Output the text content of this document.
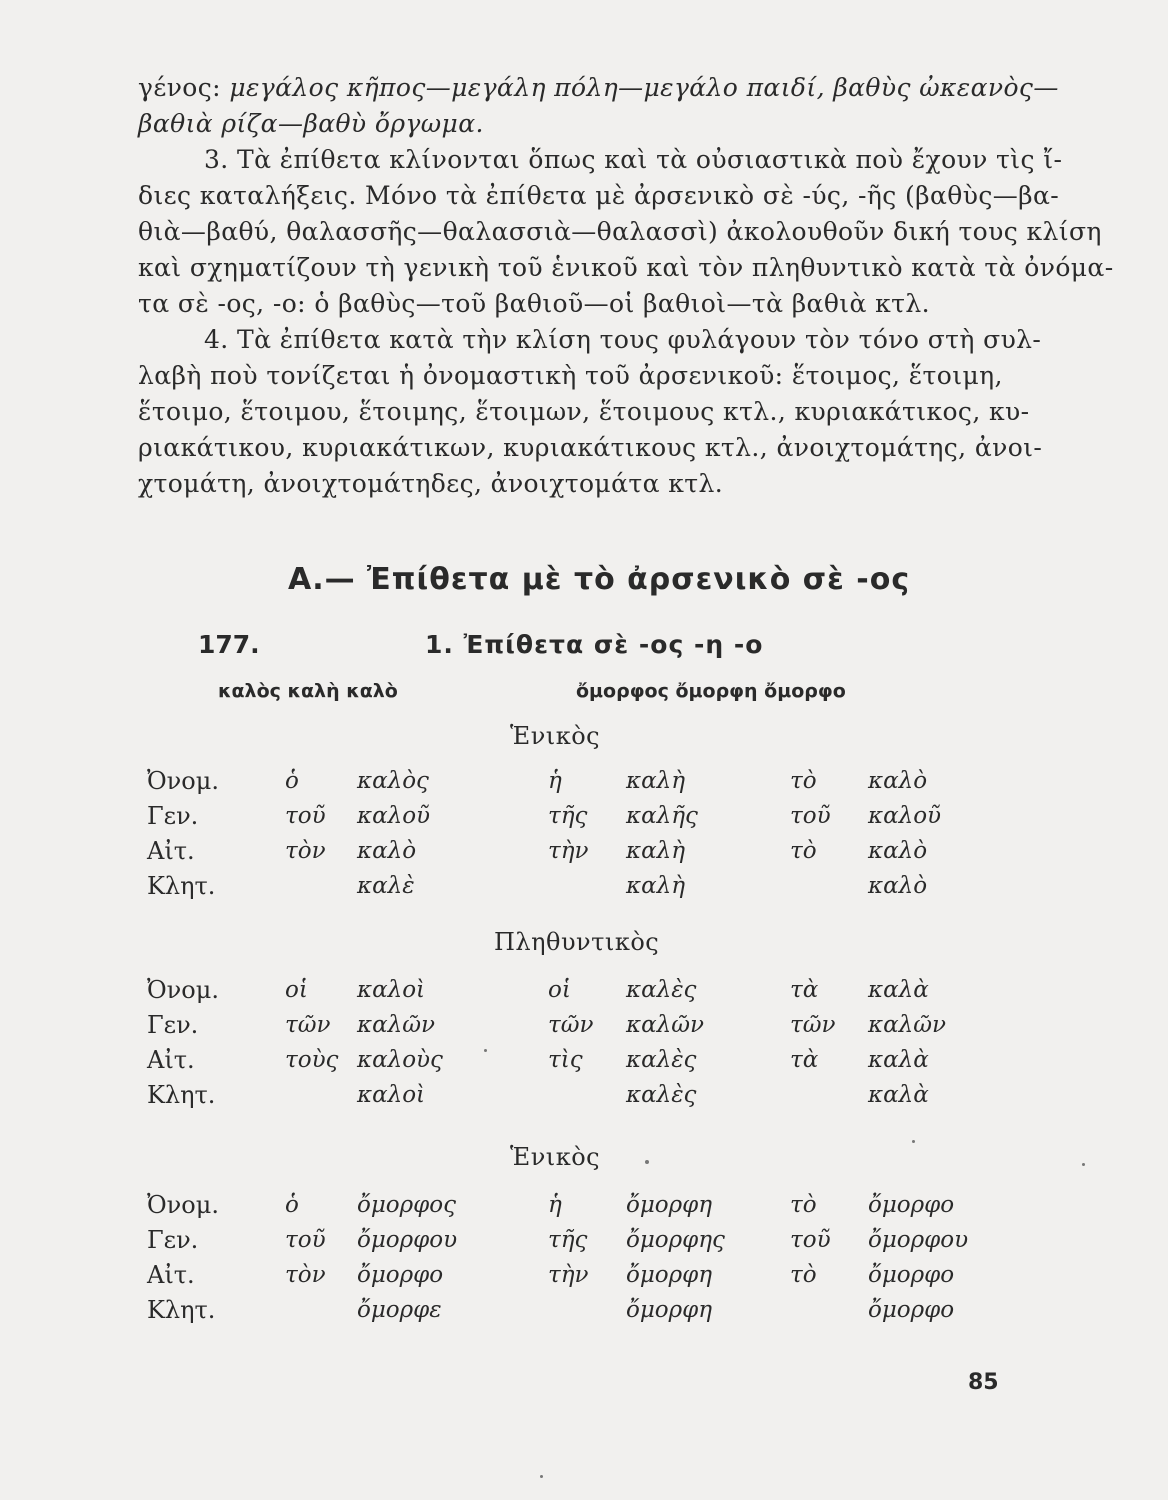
γένος: μεγάλος κῆπος—μεγάλη πόλη—μεγάλο παιδί, βαθὺς ὠκεανὸς—
βαθιὰ ρίζα—βαθὺ ὄργωμα.
3. Τὰ ἐπίθετα κλίνονται ὅπως καὶ τὰ οὐσιαστικὰ ποὺ ἔχουν τὶς ἴ-
διες καταλήξεις. Μόνο τὰ ἐπίθετα μὲ ἀρσενικὸ σὲ -ύς, -ῆς (βαθὺς—βα-
θιὰ—βαθύ, θαλασσῆς—θαλασσιὰ—θαλασσὶ) ἀκολουθοῦν δική τους κλίση
καὶ σχηματίζουν τὴ γενικὴ τοῦ ἑνικοῦ καὶ τὸν πληθυντικὸ κατὰ τὰ ὀνόμα-
τα σὲ -ος, -ο: ὁ βαθὺς—τοῦ βαθιοῦ—οἱ βαθιοὶ—τὰ βαθιὰ κτλ.
4. Τὰ ἐπίθετα κατὰ τὴν κλίση τους φυλάγουν τὸν τόνο στὴ συλ-
λαβὴ ποὺ τονίζεται ἡ ὀνομαστικὴ τοῦ ἀρσενικοῦ: ἕτοιμος, ἕτοιμη,
ἕτοιμο, ἕτοιμου, ἕτοιμης, ἕτοιμων, ἕτοιμους κτλ., κυριακάτικος, κυ-
ριακάτικου, κυριακάτικων, κυριακάτικους κτλ., ἀνοιχτομάτης, ἀνοι-
χτομάτη, ἀνοιχτομάτηδες, ἀνοιχτομάτα κτλ.
Α.— Ἐπίθετα μὲ τὸ ἀρσενικὸ σὲ -ος
177.	1. Ἐπίθετα σὲ -ος -η -ο
καλὸς καλὴ καλὸ	ὄμορφος ὄμορφη ὄμορφο
Ἑνικὸς
Ὀνομ.	ὁ	καλὸς	ἡ	καλὴ	τὸ καλὸ
Γεν.	τοῦ καλοῦ	τῆς καλῆς	τοῦ καλοῦ
Αἰτ.	τὸν καλὸ	τὴν καλὴ	τὸ καλὸ
Κλητ.	καλὲ	καλὴ	καλὸ
Πληθυντικὸς
Ὀνομ.	οἱ καλοὶ	οἱ καλὲς	τὰ καλὰ
Γεν.	τῶν καλῶν	τῶν καλῶν	τῶν καλῶν
Αἰτ.	τοὺς καλοὺς	τὶς καλὲς	τὰ καλὰ
Κλητ.	καλοὶ	καλὲς	καλὰ
Ἑνικὸς
Ὀνομ.	ὁ	ὄμορφος	ἡ	ὄμορφη	τὸ ὄμορφο
Γεν.	τοῦ ὄμορφου	τῆς ὄμορφης	τοῦ ὄμορφου
Αἰτ.	τὸν ὄμορφο	τὴν ὄμορφη	τὸ ὄμορφο
Κλητ.	ὄμορφε	ὄμορφη	ὄμορφο
85
